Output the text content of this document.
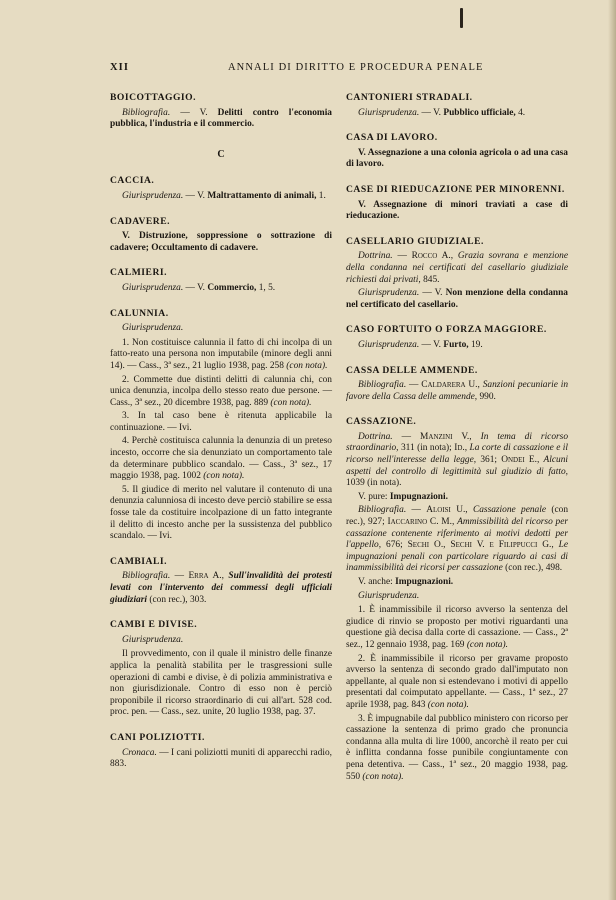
XII	ANNALI DI DIRITTO E PROCEDURA PENALE
BOICOTTAGGIO.
Bibliografia. — V. Delitti contro l'economia pubblica, l'industria e il commercio.
C
CACCIA.
Giurisprudenza. — V. Maltrattamento di animali, 1.
CADAVERE.
V. Distruzione, soppressione o sottrazione di cadavere; Occultamento di cadavere.
CALMIERI.
Giurisprudenza. — V. Commercio, 1, 5.
CALUNNIA.
Giurisprudenza.
1. Non costituisce calunnia il fatto di chi incolpa di un fatto-reato una persona non imputabile (minore degli anni 14). — Cass., 3ª sez., 21 luglio 1938, pag. 258 (con nota).
2. Commette due distinti delitti di calunnia chi, con unica denunzia, incolpa dello stesso reato due persone. — Cass., 3ª sez., 20 dicembre 1938, pag. 889 (con nota).
3. In tal caso bene è ritenuta applicabile la continuazione. — Ivi.
4. Perchè costituisca calunnia la denunzia di un preteso incesto, occorre che sia denunziato un comportamento tale da determinare pubblico scandalo. — Cass., 3ª sez., 17 maggio 1938, pag. 1002 (con nota).
5. Il giudice di merito nel valutare il contenuto di una denunzia calunniosa di incesto deve perciò stabilire se essa fosse tale da costituire incolpazione di un fatto integrante il delitto di incesto anche per la sussistenza del pubblico scandalo. — Ivi.
CAMBIALI.
Bibliografia. — Erra A., Sull'invalidità dei protesti levati con l'intervento dei commessi degli ufficiali giudiziari (con rec.), 303.
CAMBI E DIVISE.
Giurisprudenza.
Il provvedimento, con il quale il ministro delle finanze applica la penalità stabilita per le trasgressioni sulle operazioni di cambi e divise, è di polizia amministrativa e non giurisdizionale. Contro di esso non è perciò proponibile il ricorso straordinario di cui all'art. 528 cod. proc. pen. — Cass., sez. unite, 20 luglio 1938, pag. 37.
CANI POLIZIOTTI.
Cronaca. — I cani poliziotti muniti di apparecchi radio, 883.
CANTONIERI STRADALI.
Giurisprudenza. — V. Pubblico ufficiale, 4.
CASA DI LAVORO.
V. Assegnazione a una colonia agricola o ad una casa di lavoro.
CASE DI RIEDUCAZIONE PER MINORENNI.
V. Assegnazione di minori traviati a case di rieducazione.
CASELLARIO GIUDIZIALE.
Dottrina. — Rocco A., Grazia sovrana e menzione della condanna nei certificati del casellario giudiziale richiesti dai privati, 845.
Giurisprudenza. — V. Non menzione della condanna nel certificato del casellario.
CASO FORTUITO O FORZA MAGGIORE.
Giurisprudenza. — V. Furto, 19.
CASSA DELLE AMMENDE.
Bibliografia. — Caldarera U., Sanzioni pecuniarie in favore della Cassa delle ammende, 990.
CASSAZIONE.
Dottrina. — Manzini V., In tema di ricorso straordinario, 311 (in nota); Id., La corte di cassazione e il ricorso nell'interesse della legge, 361; Ondei E., Alcuni aspetti del controllo di legittimità sul giudizio di fatto, 1039 (in nota).
V. pure: Impugnazioni.
Bibliografia. — Aloisi U., Cassazione penale (con rec.), 927; Iaccarino C. M., Ammissibilità del ricorso per cassazione contenente riferimento ai motivi dedotti per l'appello, 676; Sechi O., Sechi V. e Filippucci G., Le impugnazioni penali con particolare riguardo ai casi di inammissibilità dei ricorsi per cassazione (con rec.), 498.
V. anche: Impugnazioni.
Giurisprudenza.
1. È inammissibile il ricorso avverso la sentenza del giudice di rinvio se proposto per motivi riguardanti una questione già decisa dalla corte di cassazione. — Cass., 2ª sez., 12 gennaio 1938, pag. 169 (con nota).
2. È inammissibile il ricorso per gravame proposto avverso la sentenza di secondo grado dall'imputato non appellante, al quale non si estendevano i motivi di appello presentati dal coimputato appellante. — Cass., 1ª sez., 27 aprile 1938, pag. 843 (con nota).
3. È impugnabile dal pubblico ministero con ricorso per cassazione la sentenza di primo grado che pronuncia condanna alla multa di lire 1000, ancorchè il reato per cui è inflitta condanna fosse punibile congiuntamente con pena detentiva. — Cass., 1ª sez., 20 maggio 1938, pag. 550 (con nota).
